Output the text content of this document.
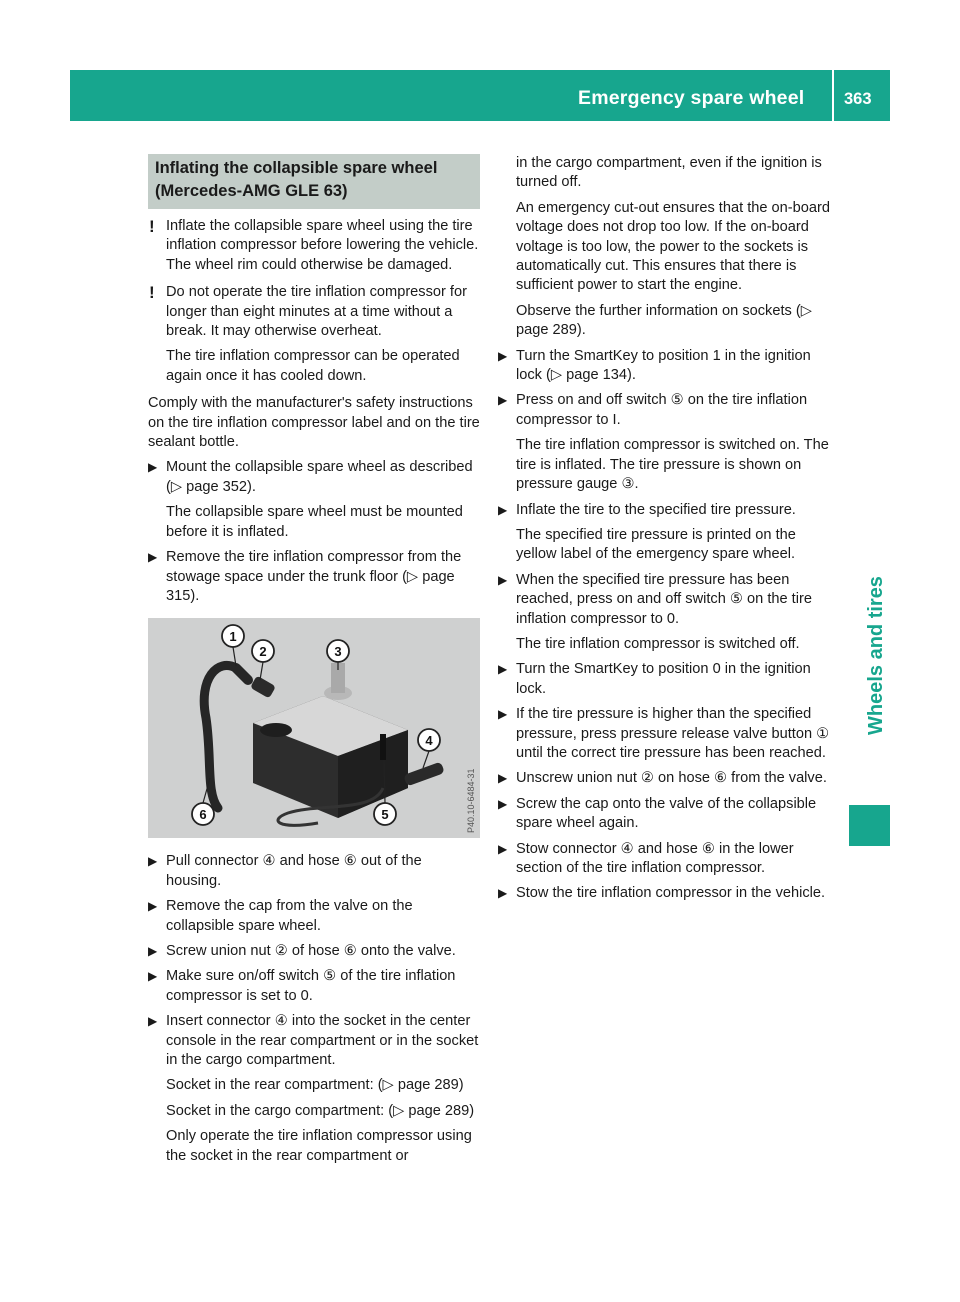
Emergency spare wheel 363
Wheels and tires
Inflating the collapsible spare wheel (Mercedes-AMG GLE 63)
! Inflate the collapsible spare wheel using the tire inflation compressor before lowering the vehicle. The wheel rim could otherwise be damaged.

! Do not operate the tire inflation compressor for longer than eight minutes at a time without a break. It may otherwise overheat.

The tire inflation compressor can be operated again once it has cooled down.

Comply with the manufacturer's safety instructions on the tire inflation compressor label and on the tire sealant bottle.

▶ Mount the collapsible spare wheel as described (▷ page 352).

The collapsible spare wheel must be mounted before it is inflated.

▶ Remove the tire inflation compressor from the stowage space under the trunk floor (▷ page 315).

1
2	3
4
5
6	P40.10-6484-31
▶ Pull connector ④ and hose ⑥ out of the housing.

▶ Remove the cap from the valve on the collapsible spare wheel.

▶ Screw union nut ② of hose ⑥ onto the valve.

▶ Make sure on/off switch ⑤ of the tire inflation compressor is set to 0.

▶ Insert connector ④ into the socket in the center console in the rear compartment or in the socket in the cargo compartment.

Socket in the rear compartment: (▷ page 289)

Socket in the cargo compartment: (▷ page 289)

Only operate the tire inflation compressor using the socket in the rear compartment or

in the cargo compartment, even if the ignition is turned off.

An emergency cut-out ensures that the on-board voltage does not drop too low. If the on-board voltage is too low, the power to the sockets is automatically cut. This ensures that there is sufficient power to start the engine.

Observe the further information on sockets (▷ page 289).

▶ Turn the SmartKey to position 1 in the ignition lock (▷ page 134).

▶ Press on and off switch ⑤ on the tire inflation compressor to I.

The tire inflation compressor is switched on. The tire is inflated. The tire pressure is shown on pressure gauge ③.

▶ Inflate the tire to the specified tire pressure.

The specified tire pressure is printed on the yellow label of the emergency spare wheel.

▶ When the specified tire pressure has been reached, press on and off switch ⑤ on the tire inflation compressor to 0.

The tire inflation compressor is switched off.

▶ Turn the SmartKey to position 0 in the ignition lock.

▶ If the tire pressure is higher than the specified pressure, press pressure release valve button ① until the correct tire pressure has been reached.

▶ Unscrew union nut ② on hose ⑥ from the valve.

▶ Screw the cap onto the valve of the collapsible spare wheel again.

▶ Stow connector ④ and hose ⑥ in the lower section of the tire inflation compressor.

▶ Stow the tire inflation compressor in the vehicle.
